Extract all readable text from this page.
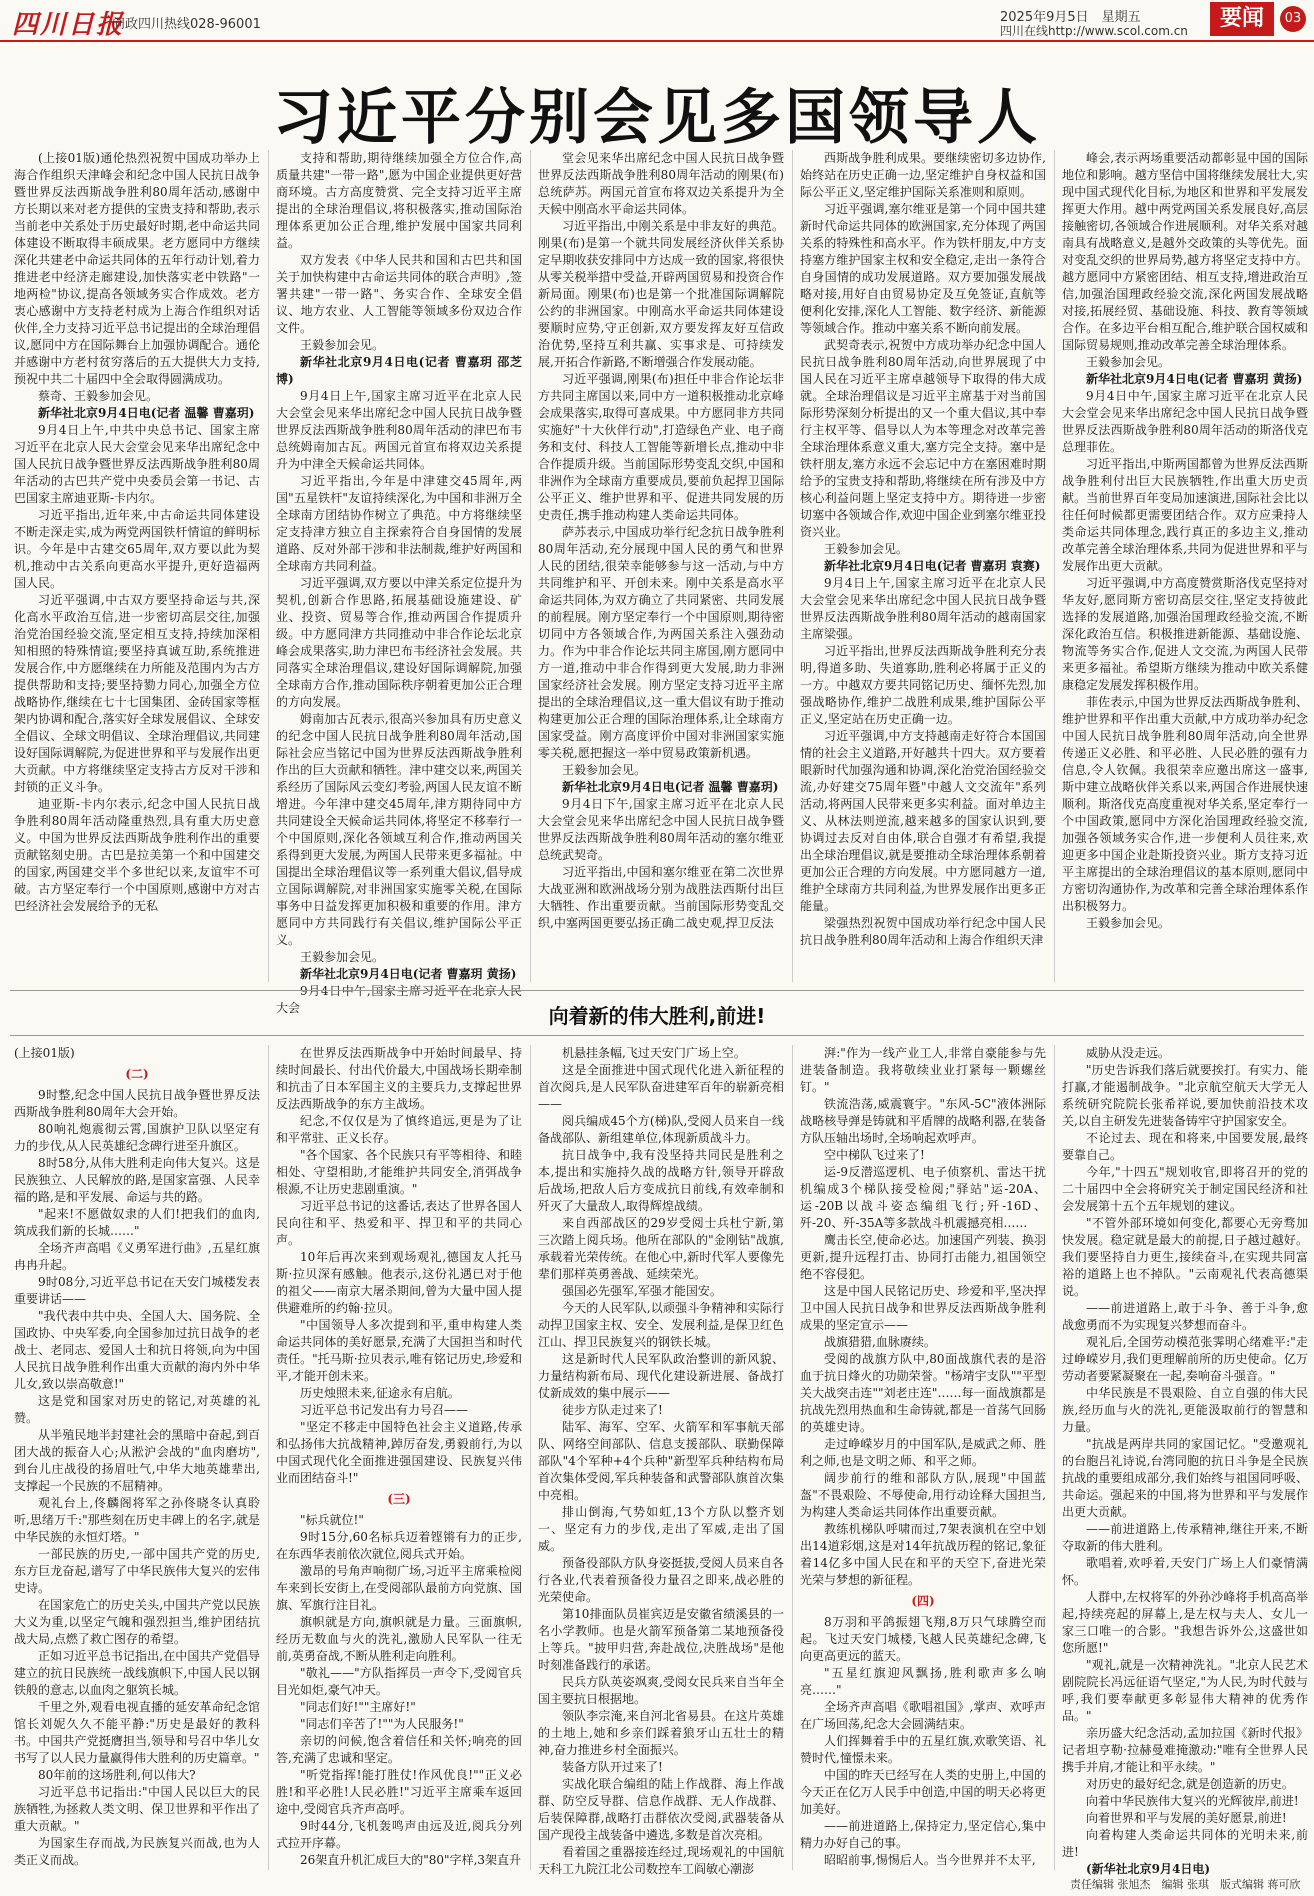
四川日报
问政四川热线028-96001	2025年9月5日　星期五
四川在线http://www.scol.com.cn	要闻	03
习近平分别会见多国领导人

(上接01版)通伦热烈祝贺中国成功举办上海合作组织天津峰会和纪念中国人民抗日战争暨世界反法西斯战争胜利80周年活动,感谢中方长期以来对老方提供的宝贵支持和帮助,表示当前老中关系处于历史最好时期,老中命运共同体建设不断取得丰硕成果。老方愿同中方继续深化共建老中命运共同体的五年行动计划,着力推进老中经济走廊建设,加快落实老中铁路"一地两检"协议,提高各领域务实合作成效。老方衷心感谢中方支持老村成为上海合作组织对话伙伴,全力支持习近平总书记提出的全球治理倡议,愿同中方在国际舞台上加强协调配合。通伦并感谢中方老村贫穷落后的五大提供大力支持,预祝中共二十届四中全会取得圆满成功。

蔡奇、王毅参加会见。

新华社北京9月4日电(记者 温馨 曹嘉玥)

9月4日上午,中共中央总书记、国家主席习近平在北京人民大会堂会见来华出席纪念中国人民抗日战争暨世界反法西斯战争胜利80周年活动的古巴共产党中央委员会第一书记、古巴国家主席迪亚斯-卡内尔。

习近平指出,近年来,中古命运共同体建设不断走深走实,成为两党两国铁杆情谊的鲜明标识。今年是中古建交65周年,双方要以此为契机,推动中古关系向更高水平提升,更好造福两国人民。

习近平强调,中古双方要坚持命运与共,深化高水平政治互信,进一步密切高层交往,加强治党治国经验交流,坚定相互支持,持续加深相知相照的特殊情谊;要坚持真诚互助,系统推进发展合作,中方愿继续在力所能及范围内为古方提供帮助和支持;要坚持勠力同心,加强全方位战略协作,继续在七十七国集团、金砖国家等框架内协调和配合,落实好全球发展倡议、全球安全倡议、全球文明倡议、全球治理倡议,共同建设好国际调解院,为促进世界和平与发展作出更大贡献。中方将继续坚定支持古方反对干涉和封锁的正义斗争。

迪亚斯-卡内尔表示,纪念中国人民抗日战争胜利80周年活动隆重热烈,具有重大历史意义。中国为世界反法西斯战争胜利作出的重要贡献铭刻史册。古巴是拉美第一个和中国建交的国家,两国建交半个多世纪以来,友谊牢不可破。古方坚定奉行一个中国原则,感谢中方对古巴经济社会发展给予的无私

支持和帮助,期待继续加强全方位合作,高质量共建"一带一路",愿为中国企业提供更好营商环境。古方高度赞赏、完全支持习近平主席提出的全球治理倡议,将积极落实,推动国际治理体系更加公正合理,维护发展中国家共同利益。

双方发表《中华人民共和国和古巴共和国关于加快构建中古命运共同体的联合声明》,签署共建"一带一路"、务实合作、全球安全倡议、地方农业、人工智能等领域多份双边合作文件。

王毅参加会见。

新华社北京9月4日电(记者 曹嘉玥 邵芝博)

9月4日上午,国家主席习近平在北京人民大会堂会见来华出席纪念中国人民抗日战争暨世界反法西斯战争胜利80周年活动的津巴布韦总统姆南加古瓦。两国元首宣布将双边关系提升为中津全天候命运共同体。

习近平指出,今年是中津建交45周年,两国"五星铁杆"友谊持续深化,为中国和非洲万全全球南方团结协作树立了典范。中方将继续坚定支持津方独立自主探索符合自身国情的发展道路、反对外部干涉和非法制裁,维护好两国和全球南方共同利益。

习近平强调,双方要以中津关系定位提升为契机,创新合作思路,拓展基础设施建设、矿业、投资、贸易等合作,推动两国合作提质升级。中方愿同津方共同推动中非合作论坛北京峰会成果落实,助力津巴布韦经济社会发展。共同落实全球治理倡议,建设好国际调解院,加强全球南方合作,推动国际秩序朝着更加公正合理的方向发展。

姆南加古瓦表示,很高兴参加具有历史意义的纪念中国人民抗日战争胜利80周年活动,国际社会应当铭记中国为世界反法西斯战争胜利作出的巨大贡献和牺牲。津中建交以来,两国关系经历了国际风云变幻考验,两国人民友谊不断增进。今年津中建交45周年,津方期待同中方共同建设全天候命运共同体,将坚定不移奉行一个中国原则,深化各领域互利合作,推动两国关系得到更大发展,为两国人民带来更多福祉。中国提出全球治理倡议等一系列重大倡议,倡导成立国际调解院,对非洲国家实施零关税,在国际事务中日益发挥更加积极和重要的作用。津方愿同中方共同践行有关倡议,维护国际公平正义。

王毅参加会见。

新华社北京9月4日电(记者 曹嘉玥 黄扬)

9月4日中午,国家主席习近平在北京人民大会

堂会见来华出席纪念中国人民抗日战争暨世界反法西斯战争胜利80周年活动的刚果(布)总统萨苏。两国元首宣布将双边关系提升为全天候中刚高水平命运共同体。

习近平指出,中刚关系是中非友好的典范。刚果(布)是第一个就共同发展经济伙伴关系协定早期收获安排同中方达成一致的国家,将很快从零关税举措中受益,开辟两国贸易和投资合作新局面。刚果(布)也是第一个批准国际调解院公约的非洲国家。中刚高水平命运共同体建设要顺时应势,守正创新,双方要发挥友好互信政治优势,坚持互利共赢、实事求是、可持续发展,开拓合作新路,不断增强合作发展动能。

习近平强调,刚果(布)担任中非合作论坛非方共同主席国以来,同中方一道积极推动北京峰会成果落实,取得可喜成果。中方愿同非方共同实施好"十大伙伴行动",打造绿色产业、电子商务和支付、科技人工智能等新增长点,推动中非合作提质升级。当前国际形势变乱交织,中国和非洲作为全球南方重要成员,要前负起捍卫国际公平正义、维护世界和平、促进共同发展的历史责任,携手推动构建人类命运共同体。

萨苏表示,中国成功举行纪念抗日战争胜利80周年活动,充分展现中国人民的勇气和世界人民的团结,很荣幸能够参与这一活动,与中方共同维护和平、开创未来。刚中关系是高水平命运共同体,为双方确立了共同紧密、共同发展的前程展。刚方坚定奉行一个中国原则,期待密切同中方各领域合作,为两国关系注入强劲动力。作为中非合作论坛共同主席国,刚方愿同中方一道,推动中非合作得到更大发展,助力非洲国家经济社会发展。刚方坚定支持习近平主席提出的全球治理倡议,这一重大倡议有助于推动构建更加公正合理的国际治理体系,让全球南方国家受益。刚方高度评价中国对非洲国家实施零关税,愿把握这一举中贸易政策新机遇。

王毅参加会见。

新华社北京9月4日电(记者 温馨 曹嘉玥)

9月4日下午,国家主席习近平在北京人民大会堂会见来华出席纪念中国人民抗日战争暨世界反法西斯战争胜利80周年活动的塞尔维亚总统武契奇。

习近平指出,中国和塞尔维亚在第二次世界大战亚洲和欧洲战场分别为战胜法西斯付出巨大牺牲、作出重要贡献。当前国际形势变乱交织,中塞两国更要弘扬正确二战史观,捍卫反法

西斯战争胜利成果。要继续密切多边协作,始终站在历史正确一边,坚定维护自身权益和国际公平正义,坚定维护国际关系准则和原则。

习近平强调,塞尔维亚是第一个同中国共建新时代命运共同体的欧洲国家,充分体现了两国关系的特殊性和高水平。作为铁杆朋友,中方支持塞方维护国家主权和安全稳定,走出一条符合自身国情的成功发展道路。双方要加强发展战略对接,用好自由贸易协定及互免签证,直航等便利化安排,深化人工智能、数字经济、新能源等领域合作。推动中塞关系不断向前发展。

武契奇表示,祝贺中方成功举办纪念中国人民抗日战争胜利80周年活动,向世界展现了中国人民在习近平主席卓越领导下取得的伟大成就。全球治理倡议是习近平主席基于对当前国际形势深刻分析提出的又一个重大倡议,其中奉行主权平等、倡导以人为本等理念对改革完善全球治理体系意义重大,塞方完全支持。塞中是铁杆朋友,塞方永远不会忘记中方在塞困难时期给予的宝贵支持和帮助,将继续在所有涉及中方核心利益问题上坚定支持中方。期待进一步密切塞中各领域合作,欢迎中国企业到塞尔维亚投资兴业。

王毅参加会见。

新华社北京9月4日电(记者 曹嘉玥 袁赛)

9月4日上午,国家主席习近平在北京人民大会堂会见来华出席纪念中国人民抗日战争暨世界反法西斯战争胜利80周年活动的越南国家主席梁强。

习近平指出,世界反法西斯战争胜利充分表明,得道多助、失道寡助,胜利必将属于正义的一方。中越双方要共同铭记历史、缅怀先烈,加强战略协作,维护二战胜利成果,维护国际公平正义,坚定站在历史正确一边。

习近平强调,中方支持越南走好符合本国国情的社会主义道路,开好越共十四大。双方要着眼新时代加强沟通和协调,深化治党治国经验交流,办好建交75周年暨"中越人文交流年"系列活动,将两国人民带来更多实利益。面对单边主义、从林法则逆流,越来越多的国家认识到,要协调过去反对自由体,联合自强才有希望,我提出全球治理倡议,就是要推动全球治理体系朝着更加公正合理的方向发展。中方愿同越方一道,维护全球南方共同利益,为世界发展作出更多正能量。

梁强热烈祝贺中国成功举行纪念中国人民抗日战争胜利80周年活动和上海合作组织天津

峰会,表示两场重要活动都彰显中国的国际地位和影响。越方坚信中国将继续发展壮大,实现中国式现代化目标,为地区和世界和平发展发挥更大作用。越中两党两国关系发展良好,高层接触密切,各领域合作进展顺利。对华关系对越南具有战略意义,是越外交政策的头等优先。面对变乱交织的世界局势,越方将坚定支持中方。越方愿同中方紧密团结、相互支持,增进政治互信,加强治国理政经验交流,深化两国发展战略对接,拓展经贸、基础设施、科技、教育等领域合作。在多边平台相互配合,维护联合国权威和国际贸易规则,推动改革完善全球治理体系。

王毅参加会见。

新华社北京9月4日电(记者 曹嘉玥 黄扬)

9月4日中午,国家主席习近平在北京人民大会堂会见来华出席纪念中国人民抗日战争暨世界反法西斯战争胜利80周年活动的斯洛伐克总理菲佐。

习近平指出,中斯两国都曾为世界反法西斯战争胜利付出巨大民族牺牲,作出重大历史贡献。当前世界百年变局加速演进,国际社会比以往任何时候都更需要团结合作。双方应秉持人类命运共同体理念,践行真正的多边主义,推动改革完善全球治理体系,共同为促进世界和平与发展作出更大贡献。

习近平强调,中方高度赞赏斯洛伐克坚持对华友好,愿同斯方密切高层交往,坚定支持彼此选择的发展道路,加强治国理政经验交流,不断深化政治互信。积极推进新能源、基础设施、物流等务实合作,促进人文交流,为两国人民带来更多福祉。希望斯方继续为推动中欧关系健康稳定发展发挥积极作用。

菲佐表示,中国为世界反法西斯战争胜利、维护世界和平作出重大贡献,中方成功举办纪念中国人民抗日战争胜利80周年活动,向全世界传递正义必胜、和平必胜、人民必胜的强有力信息,令人钦佩。我很荣幸应邀出席这一盛事,斯中建立战略伙伴关系以来,两国合作进展快速顺利。斯洛伐克高度重视对华关系,坚定奉行一个中国政策,愿同中方深化治国理政经验交流,加强各领域务实合作,进一步便利人员往来,欢迎更多中国企业赴斯投资兴业。斯方支持习近平主席提出的全球治理倡议的基本原则,愿同中方密切沟通协作,为改革和完善全球治理体系作出积极努力。

王毅参加会见。

向着新的伟大胜利,前进!

(上接01版)

(二)

9时整,纪念中国人民抗日战争暨世界反法西斯战争胜利80周年大会开始。

80响礼炮震彻云霄,国旗护卫队以坚定有力的步伐,从人民英雄纪念碑行进至升旗区。

8时58分,从伟大胜利走向伟大复兴。这是民族独立、人民解放的路,是国家富强、人民幸福的路,是和平发展、命运与共的路。

"起来!不愿做奴隶的人们!把我们的血肉,筑成我们新的长城……"

全场齐声高唱《义勇军进行曲》,五星红旗冉冉升起。

9时08分,习近平总书记在天安门城楼发表重要讲话——

"我代表中共中央、全国人大、国务院、全国政协、中央军委,向全国参加过抗日战争的老战士、老同志、爱国人士和抗日将领,向为中国人民抗日战争胜利作出重大贡献的海内外中华儿女,致以崇高敬意!"

这是党和国家对历史的铭记,对英雄的礼赞。

从半殖民地半封建社会的黑暗中奋起,到百团大战的振奋人心;从淞沪会战的"血肉磨坊",到台儿庄战役的扬眉吐气,中华大地英雄辈出,支撑起一个民族的不屈精神。

观礼台上,佟麟阁将军之孙佟晓冬认真聆听,思绪万千:"那些刻在历史丰碑上的名字,就是中华民族的永恒灯塔。"

一部民族的历史,一部中国共产党的历史,东方巨龙奋起,谱写了中华民族伟大复兴的宏伟史诗。

在国家危亡的历史关头,中国共产党以民族大义为重,以坚定气魄和强烈担当,维护团结抗战大局,点燃了救亡图存的希望。

正如习近平总书记指出,在中国共产党倡导建立的抗日民族统一战线旗帜下,中国人民以钢铁般的意志,以血肉之躯筑长城。

千里之外,观看电视直播的延安革命纪念馆馆长刘妮久久不能平静:"历史是最好的教科书。中国共产党挺膺担当,领导和号召中华儿女书写了以人民力量赢得伟大胜利的历史篇章。"

80年前的这场胜利,何以伟大?

习近平总书记指出:"中国人民以巨大的民族牺牲,为拯救人类文明、保卫世界和平作出了重大贡献。"

为国家生存而战,为民族复兴而战,也为人类正义而战。

在世界反法西斯战争中开始时间最早、持续时间最长、付出代价最大,中国战场长期牵制和抗击了日本军国主义的主要兵力,支撑起世界反法西斯战争的东方主战场。

纪念,不仅仅是为了慎终追远,更是为了让和平常驻、正义长存。

"各个国家、各个民族只有平等相待、和睦相处、守望相助,才能维护共同安全,消弭战争根源,不让历史悲剧重演。"

习近平总书记的这番话,表达了世界各国人民向往和平、热爱和平、捍卫和平的共同心声。

10年后再次来到观场观礼,德国友人托马斯·拉贝深有感触。他表示,这份礼遇已对于他的祖父——南京大屠杀期间,曾为大量中国人提供避难所的约翰·拉贝。

"中国领导人多次提到和平,重申构建人类命运共同体的美好愿景,充满了大国担当和时代责任。"托马斯·拉贝表示,唯有铭记历史,珍爱和平,才能开创未来。

历史烛照未来,征途永有启航。

习近平总书记发出有力号召——

"坚定不移走中国特色社会主义道路,传承和弘扬伟大抗战精神,踔厉奋发,勇毅前行,为以中国式现代化全面推进强国建设、民族复兴伟业而团结奋斗!"

(三)

"标兵就位!"

9时15分,60名标兵迈着铿锵有力的正步,在东西华表前依次就位,阅兵式开始。

激昂的号角声响彻广场,习近平主席乘检阅车来到长安街上,在受阅部队最前方向党旗、国旗、军旗行注目礼。

旗帜就是方向,旗帜就是力量。三面旗帜,经历无数血与火的洗礼,激励人民军队一往无前,英勇奋战,不断从胜利走向胜利。

"敬礼——"方队指挥员一声令下,受阅官兵目光如炬,豪气冲天。

"同志们好!""主席好!"

"同志们辛苦了!""为人民服务!"

亲切的问候,饱含着信任和关怀;响亮的回答,充满了忠诚和坚定。

"听党指挥!能打胜仗!作风优良!""正义必胜!和平必胜!人民必胜!"习近平主席乘车返回途中,受阅官兵齐声高呼。

9时44分,飞机轰鸣声由远及近,阅兵分列式拉开序幕。

26架直升机汇成巨大的"80"字样,3架直升

机悬挂条幅,飞过天安门广场上空。

这是全面推进中国式现代化进入新征程的首次阅兵,是人民军队奋进建军百年的崭新亮相——

阅兵编成45个方(梯)队,受阅人员来自一线备战部队、新组建单位,体现新质战斗力。

抗日战争中,我有没坚持共同民是胜利之本,提出和实施持久战的战略方针,领导开辟敌后战场,把敌人后方变成抗日前线,有效牵制和歼灭了大量敌人,取得辉煌战绩。

来自西部战区的29岁受阅士兵杜宁新,第三次踏上阅兵场。他所在部队的"金刚钻"战旗,承载着光荣传统。在他心中,新时代军人要像先辈们那样英勇善战、延续荣光。

强国必先强军,军强才能国安。

今天的人民军队,以顽强斗争精神和实际行动捍卫国家主权、安全、发展利益,是保卫红色江山、捍卫民族复兴的钢铁长城。

这是新时代人民军队政治整训的新风貌、力量结构新布局、现代化建设新进展、备战打仗新成效的集中展示——

徒步方队走过来了!

陆军、海军、空军、火箭军和军事航天部队、网络空间部队、信息支援部队、联勤保障部队"4个军种+4个兵种"新型军兵种结构布局首次集体受阅,军兵种装备和武警部队旗首次集中亮相。

排山倒海,气势如虹,13个方队以整齐划一、坚定有力的步伐,走出了军威,走出了国威。

预备役部队方队身姿挺拔,受阅人员来自各行各业,代表着预备役力量召之即来,战必胜的光荣使命。

第10排面队员崔宾迈是安徽省绩溪县的一名小学教师。也是火箭军预备第二某地预备役上等兵。"披甲归营,奔赴战位,决胜战场"是他时刻准备践行的承诺。

民兵方队英姿飒爽,受阅女民兵来自当年全国主要抗日根据地。

领队李宗淹,来自河北省易县。在这片英雄的土地上,她和乡亲们踩着狼牙山五壮士的精神,奋力推进乡村全面振兴。

装备方队开过来了!

实战化联合编组的陆上作战群、海上作战群、防空反导群、信息作战群、无人作战群、后装保障群,战略打击群依次受阅,武器装备从国产现役主战装备中遴选,多数是首次亮相。

看着国之重器接连经过,现场观礼的中国航天科工九院江北公司数控车工阎敏心潮澎

湃:"作为一线产业工人,非常自豪能参与先进装备制造。我将敬续业业打紧每一颗螺丝钉。"

铁流浩荡,威震寰宇。"东风-5C"液体洲际战略核导弹是铸就和平盾牌的战略利器,在装备方队压轴出场时,全场响起欢呼声。

空中梯队飞过来了!

运-9反潜巡逻机、电子侦察机、雷达干扰机编成3个梯队接受检阅;"驿站"运-20A、运-20B以战斗姿态编组飞行;歼-16D、歼-20、歼-35A等多款战斗机震撼亮相……

鹰击长空,使命必达。加速国产列装、换羽更新,提升远程打击、协同打击能力,祖国领空绝不容侵犯。

这是中国人民铭记历史、珍爱和平,坚决捍卫中国人民抗日战争和世界反法西斯战争胜利成果的坚定宣示——

战旗猎猎,血脉赓续。

受阅的战旗方队中,80面战旗代表的是浴血于抗日烽火的功勋荣誉。"杨靖宇支队""平型关大战突击连""刘老庄连"……每一面战旗都是抗战先烈用热血和生命铸就,都是一首荡气回肠的英雄史诗。

走过峥嵘岁月的中国军队,是威武之师、胜利之师,也是文明之师、和平之师。

阔步前行的维和部队方队,展现"中国蓝盔"不畏艰险、不辱使命,用行动诠释大国担当,为构建人类命运共同体作出重要贡献。

教练机梯队呼啸而过,7架表演机在空中划出14道彩烟,这是对14年抗战历程的铭记,象征着14亿多中国人民在和平的天空下,奋进光荣光荣与梦想的新征程。

(四)

8万羽和平鸽振翅飞翔,8万只气球腾空而起。飞过天安门城楼,飞越人民英雄纪念碑,飞向更高更远的蓝天。

"五星红旗迎风飘扬,胜利歌声多么响亮……"

全场齐声高唱《歌唱祖国》,掌声、欢呼声在广场回荡,纪念大会圆满结束。

人们挥舞着手中的五星红旗,欢歌笑语、礼赞时代,憧憬未来。

中国的昨天已经写在人类的史册上,中国的今天正在亿万人民手中创造,中国的明天必将更加美好。

——前进道路上,保持定力,坚定信心,集中精力办好自己的事。

昭昭前事,惕惕后人。当今世界并不太平,

威胁从没走远。

"历史告诉我们落后就要挨打。有实力、能打赢,才能遏制战争。"北京航空航天大学无人系统研究院院长张希祥说,要加快前沿技术攻关,以自主研发先进装备铸牢守护国家安全。

不论过去、现在和将来,中国要发展,最终要靠自己。

今年,"十四五"规划收官,即将召开的党的二十届四中全会将研究关于制定国民经济和社会发展第十五个五年规划的建议。

"不管外部环境如何变化,都要心无旁骛加快发展。稳定就是最大的前提,日子越过越好。我们要坚持自力更生,接续奋斗,在实现共同富裕的道路上也不掉队。"云南观礼代表高德渠说。

——前进道路上,敢于斗争、善于斗争,愈战愈勇而不为实现复兴梦想而奋斗。

观礼后,全国劳动模范张霁明心绪难平:"走过峥嵘岁月,我们更理解前所的历史使命。亿万劳动者要紧凝聚在一起,奏响奋斗强音。"

中华民族是不畏艰险、自立自强的伟大民族,经历血与火的洗礼,更能汲取前行的智慧和力量。

"抗战是两岸共同的家国记忆。"受邀观礼的台胞吕礼诗说,台湾同胞的抗日斗争是全民族抗战的重要组成部分,我们始终与祖国同呼吸、共命运。强起来的中国,将为世界和平与发展作出更大贡献。

——前进道路上,传承精神,继往开来,不断夺取新的伟大胜利。

歌唱着,欢呼着,天安门广场上人们豪情满怀。

人群中,左权将军的外孙沙峰将手机高高举起,持续亮起的屏幕上,是左权与夫人、女儿一家三口唯一的合影。"我想告诉外公,这盛世如您所愿!"

"观礼,就是一次精神洗礼。"北京人民艺术剧院院长冯远征语气坚定,"为人民,为时代鼓与呼,我们要奉献更多彰显伟大精神的优秀作品。"

亲历盛大纪念活动,孟加拉国《新时代报》记者坦亨勒·拉赫曼难掩激动:"唯有全世界人民携手并肩,才能让和平永续。"

对历史的最好纪念,就是创造新的历史。

向着中华民族伟大复兴的光辉彼岸,前进!

向着世界和平与发展的美好愿景,前进!

向着构建人类命运共同体的光明未来,前进!

(新华社北京9月4日电)

责任编辑 张旭杰　编辑 张琪　版式编辑 蒋可欣
